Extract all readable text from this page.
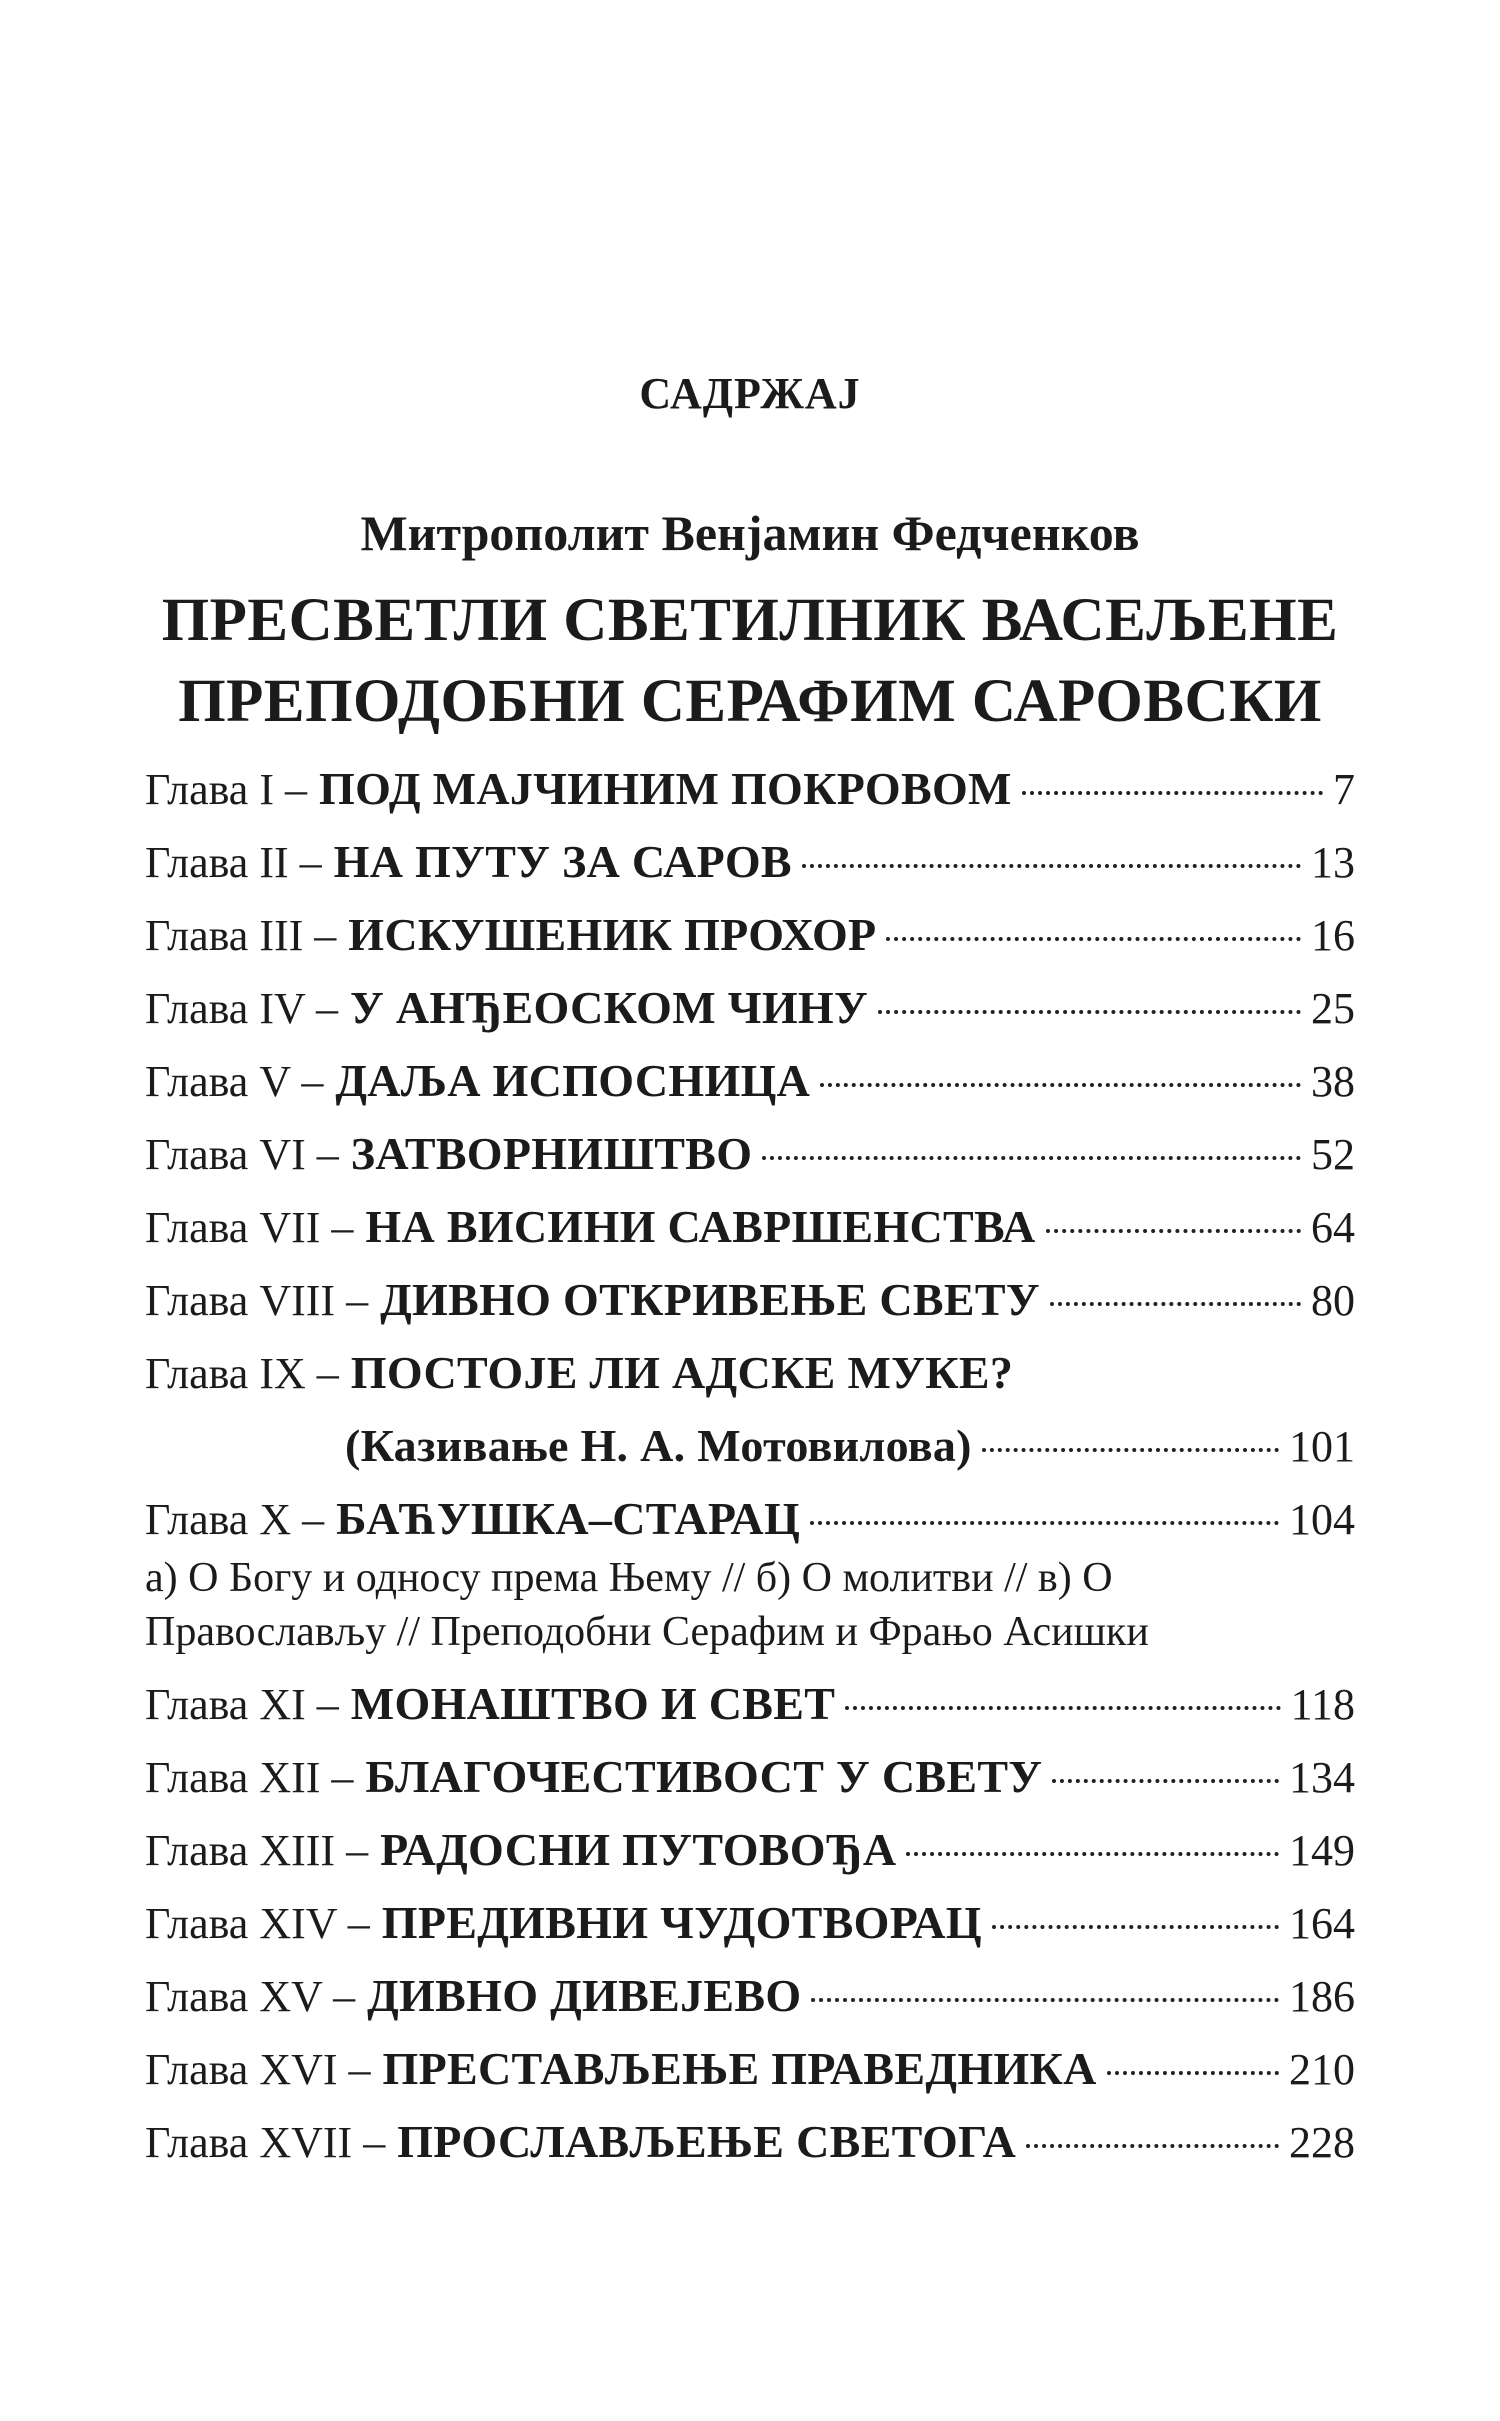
САДРЖАЈ
Митрополит Венјамин Федченков
ПРЕСВЕТЛИ СВЕТИЛНИК ВАСЕЉЕНЕ
ПРЕПОДОБНИ СЕРАФИМ САРОВСКИ
Глава I – ПОД МАЈЧИНИМ ПОКРОВОМ	7
Глава II – НА ПУТУ ЗА САРОВ	13
Глава III – ИСКУШЕНИК ПРОХОР	16
Глава IV – У АНЂЕОСКОМ ЧИНУ	25
Глава V – ДАЉА ИСПОСНИЦА	38
Глава VI – ЗАТВОРНИШТВО	52
Глава VII – НА ВИСИНИ САВРШЕНСТВА	64
Глава VIII – ДИВНО ОТКРИВЕЊЕ СВЕТУ	80
Глава IX – ПОСТОЈЕ ЛИ АДСКЕ МУКЕ?
(Казивање Н. А. Мотовилова)	101
Глава X – БАЋУШКА–СТАРАЦ	104
а) О Богу и односу према Њему // б) О молитви // в) О Православљу // Преподобни Серафим и Фрањо Асишки
Глава XI – МОНАШТВО И СВЕТ	118
Глава XII – БЛАГОЧЕСТИВОСТ У СВЕТУ	134
Глава XIII – РАДОСНИ ПУТОВОЂА	149
Глава XIV – ПРЕДИВНИ ЧУДОТВОРАЦ	164
Глава XV – ДИВНО ДИВЕЈЕВО	186
Глава XVI – ПРЕСТАВЉЕЊЕ ПРАВЕДНИКА	210
Глава XVII – ПРОСЛАВЉЕЊЕ СВЕТОГА	228
